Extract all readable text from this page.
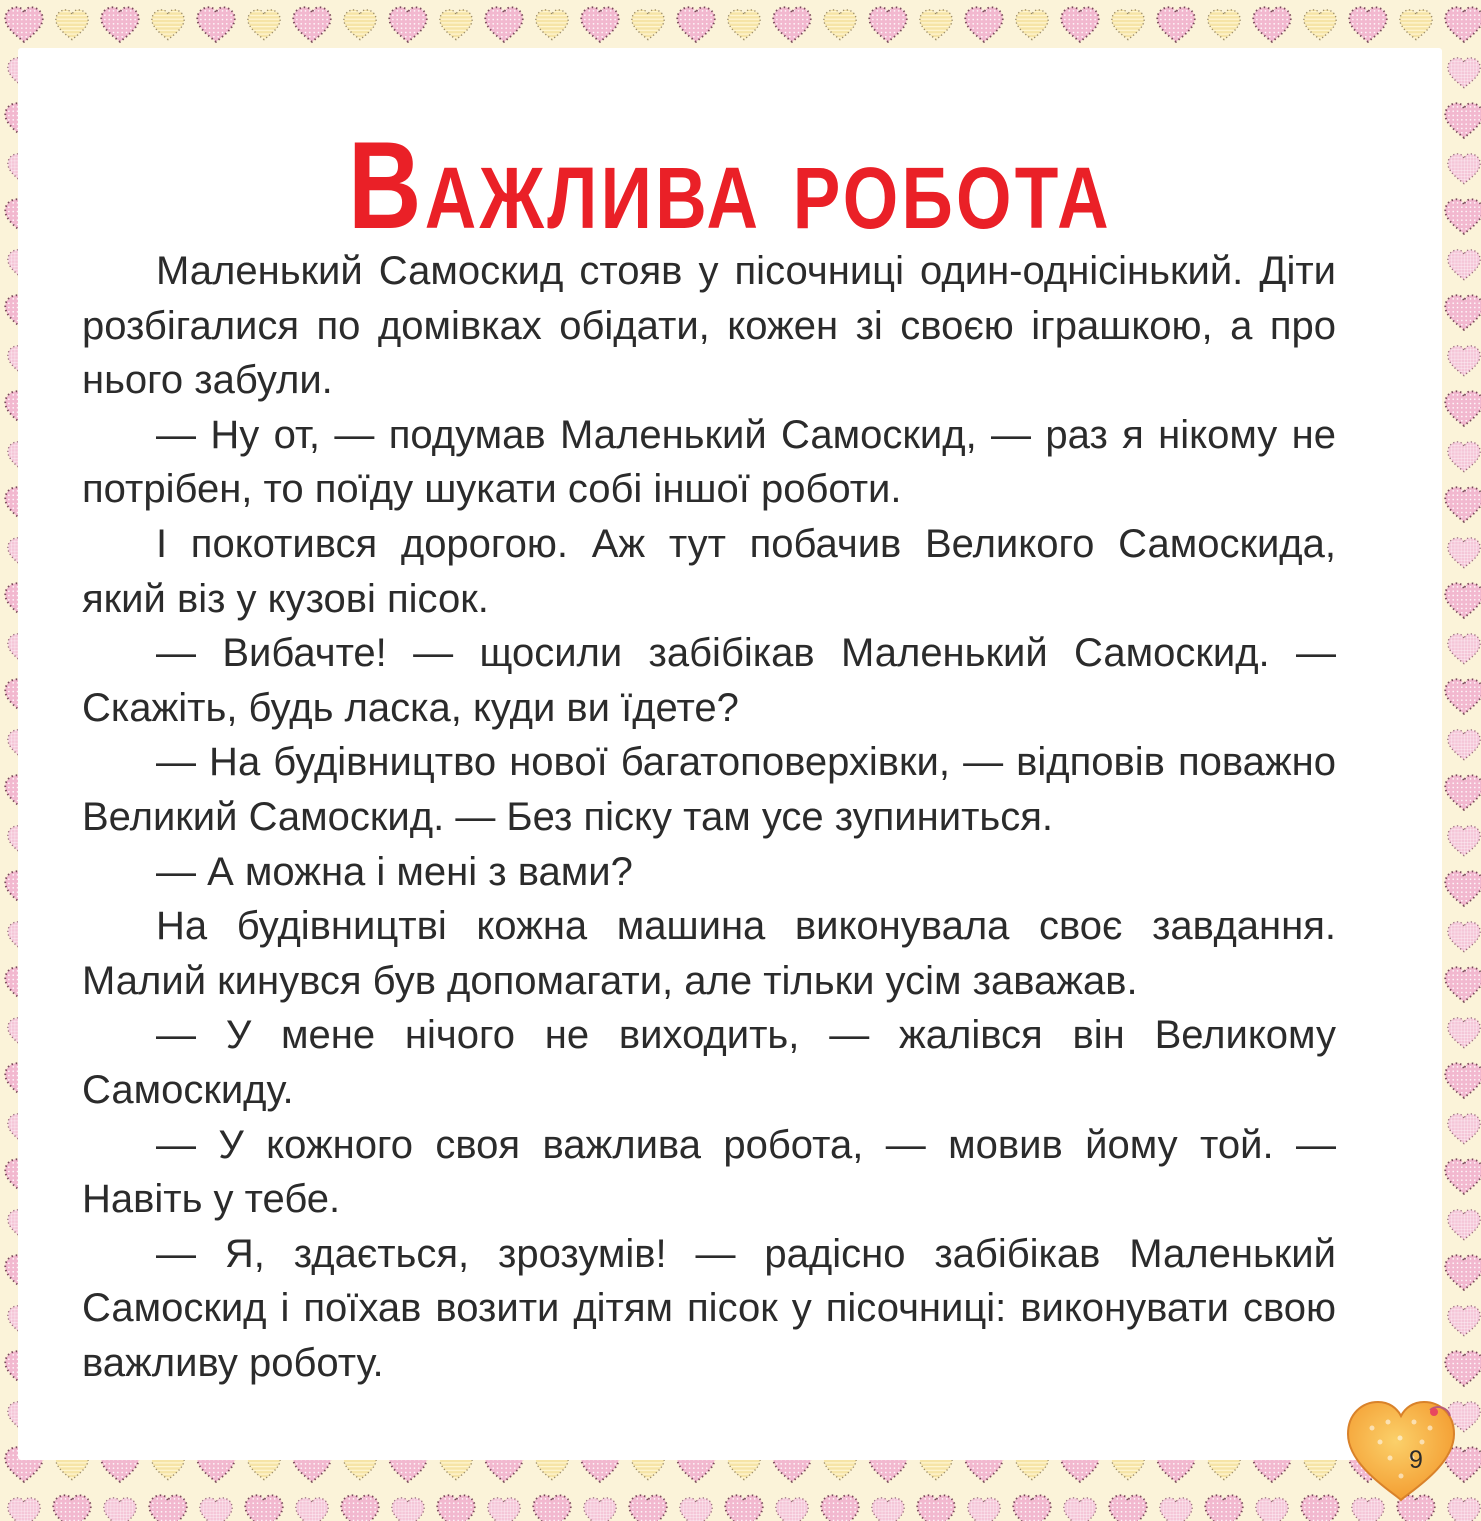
Важлива робота

Маленький Самоскид стояв у пісочниці один-однісінький. Діти розбігалися по домівках обідати, кожен зі своєю іграшкою, а про нього забули.

— Ну от, — подумав Маленький Самоскид, — раз я нікому не потрібен, то поїду шукати собі іншої роботи.

І покотився дорогою. Аж тут побачив Великого Самоскида, який віз у кузові пісок.

— Вибачте! — щосили забібікав Маленький Самоскид. — Скажіть, будь ласка, куди ви їдете?

— На будівництво нової багатоповерхівки, — відповів поважно Великий Самоскид. — Без піску там усе зупиниться.

— А можна і мені з вами?

На будівництві кожна машина виконувала своє завдання. Малий кинувся був допомагати, але тільки усім заважав.

— У мене нічого не виходить, — жалівся він Великому Самоскиду.

— У кожного своя важлива робота, — мовив йому той. — Навіть у тебе.

— Я, здається, зрозумів! — радісно забібікав Маленький Самоскид і поїхав возити дітям пісок у пісочниці: виконувати свою важливу роботу.

9
